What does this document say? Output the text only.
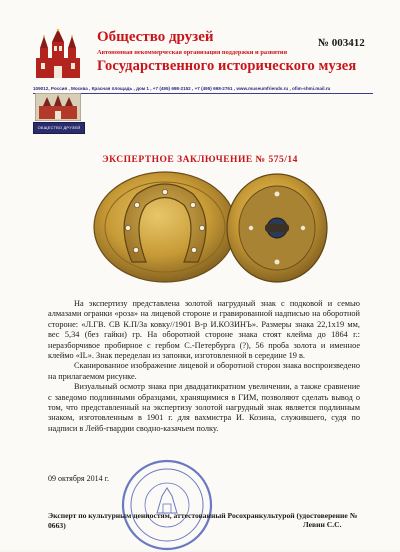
Общество друзей	№ 003412
Автономная некоммерческая организация поддержки и развития
Государственного исторического музея
109012, Россия , Москва , Красная площадь , дом 1 , +7 (495) 698-2152 , +7 (495) 698-2761 , www.museumfriends.ru , ofim-shmi.mail.ru
ОБЩЕСТВО ДРУЗЕЙ
ЭКСПЕРТНОЕ ЗАКЛЮЧЕНИЕ № 575/14

На экспертизу представлена золотой нагрудный знак с подковой и семью алмазами огранки «роза» на лицевой стороне и гравированной надписью на оборотной стороне: «Л.ГВ. СВ К.П/3а ковку//1901 В-р И.КОЗИНЪ». Размеры знака 22,1х19 мм, вес 5,34 (без гайки) гр. На оборотной стороне знака стоят клейма до 1864 г.: неразборчивое пробирное с гербом С.-Петербурга (?), 56 проба золота и именное клеймо «IL». Знак переделан из запонки, изготовленной в середине 19 в.

Сканированное изображение лицевой и оборотной сторон знака воспроизведено на прилагаемом рисунке.

Визуальный осмотр знака при двадцатикратном увеличении, а также сравнение с заведомо подлинными образцами, хранящимися в ГИМ, позволяют сделать вывод о том, что представленный на экспертизу золотой нагрудный знак является подлинным знаком, изготовленным в 1901 г. для вахмистра И. Козина, служившего, судя по надписи в Лейб-гвардии сводно-казачьем полку.

09 октября 2014 г.
Эксперт по культурным ценностям, аттестованный Росохранкультурой (удостоверение № 0663)	Левин С.С.
